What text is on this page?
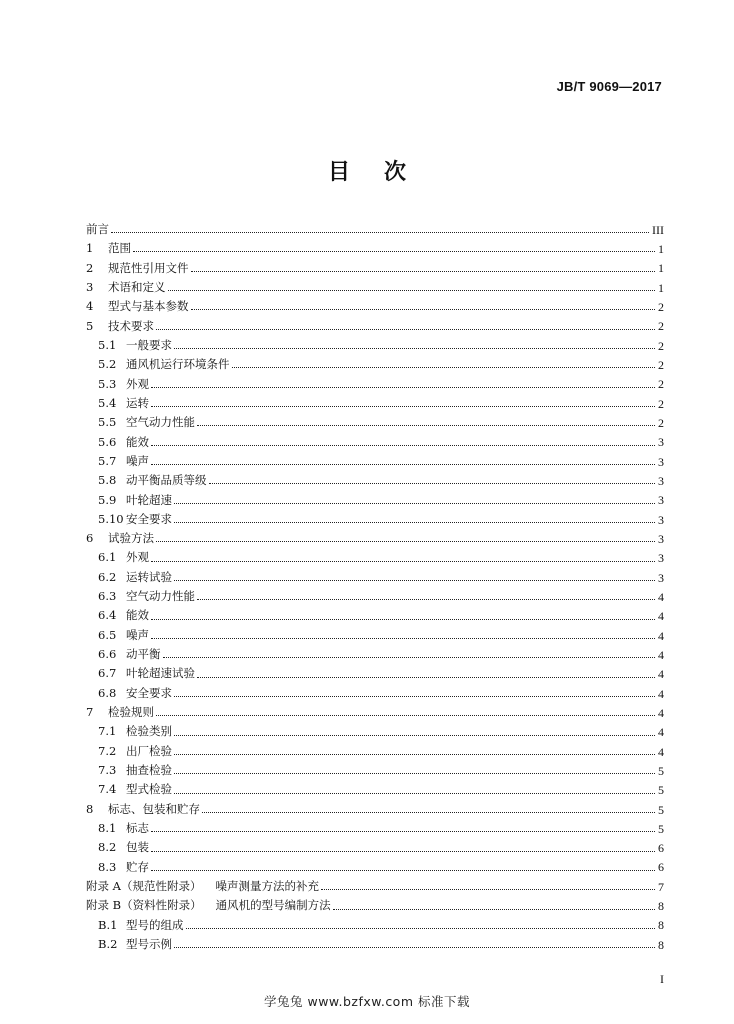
JB/T 9069—2017
目 次
前言	III
1	范围	1
2	规范性引用文件	1
3	术语和定义	1
4	型式与基本参数	2
5	技术要求	2
5.1 一般要求	2
5.2 通风机运行环境条件	2
5.3 外观	2
5.4 运转	2
5.5 空气动力性能	2
5.6 能效	3
5.7 噪声	3
5.8 动平衡品质等级	3
5.9 叶轮超速	3
5.10 安全要求	3
6	试验方法	3
6.1 外观	3
6.2 运转试验	3
6.3 空气动力性能	4
6.4 能效	4
6.5 噪声	4
6.6 动平衡	4
6.7 叶轮超速试验	4
6.8 安全要求	4
7	检验规则	4
7.1 检验类别	4
7.2 出厂检验	4
7.3 抽查检验	5
7.4 型式检验	5
8	标志、包装和贮存	5
8.1 标志	5
8.2 包装	6
8.3 贮存	6
附录 A（规范性附录） 噪声测量方法的补充	7
附录 B（资料性附录） 通风机的型号编制方法	8
B.1 型号的组成	8
B.2 型号示例	8
I
学兔兔 www.bzfxw.com 标准下载
